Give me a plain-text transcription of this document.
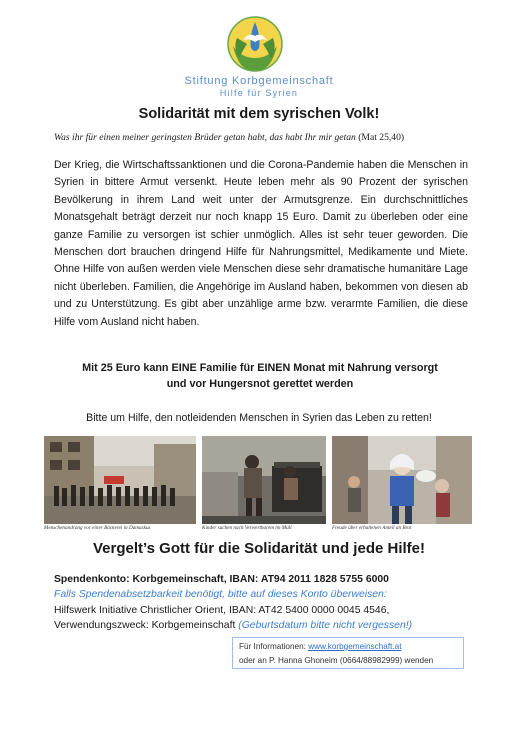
Stiftung Korbgemeinschaft
Hilfe für Syrien
Solidarität mit dem syrischen Volk!
Was ihr für einen meiner geringsten Brüder getan habt, das habt Ihr mir getan (Mat 25,40)
Der Krieg, die Wirtschaftssanktionen und die Corona-Pandemie haben die Menschen in Syrien in bittere Armut versenkt. Heute leben mehr als 90 Prozent der syrischen Bevölkerung in ihrem Land weit unter der Armutsgrenze. Ein durchschnittliches Monatsgehalt beträgt derzeit nur noch knapp 15 Euro. Damit zu überleben oder eine ganze Familie zu versorgen ist schier unmöglich. Alles ist sehr teuer geworden. Die Menschen dort brauchen dringend Hilfe für Nahrungsmittel, Medikamente und Miete. Ohne Hilfe von außen werden viele Menschen diese sehr dramatische humanitäre Lage nicht überleben. Familien, die Angehörige im Ausland haben, bekommen von diesen ab und zu Unterstützung. Es gibt aber unzählige arme bzw. verarmte Familien, die diese Hilfe vom Ausland nicht haben.
Mit 25 Euro kann EINE Familie für EINEN Monat mit Nahrung versorgt
und vor Hungersnot gerettet werden
Bitte um Hilfe, den notleidenden Menschen in Syrien das Leben zu retten!
Menschenandrang vor einer Bäckerei in Damaskus	Kinder suchen nach Verwertbarem im Müll	Freude über erhaltenen Anteil an Brot
Vergelt’s Gott für die Solidarität und jede Hilfe!
Spendenkonto: Korbgemeinschaft, IBAN: AT94 2011 1828 5755 6000
Falls Spendenabsetzbarkeit benötigt, bitte auf dieses Konto überweisen:
Hilfswerk Initiative Christlicher Orient, IBAN: AT42 5400 0000 0045 4546,
Verwendungszweck: Korbgemeinschaft (Geburtsdatum bitte nicht vergessen!)
Für Informationen: www.korbgemeinschaft.at
oder an P. Hanna Ghoneim (0664/88982999) wenden
